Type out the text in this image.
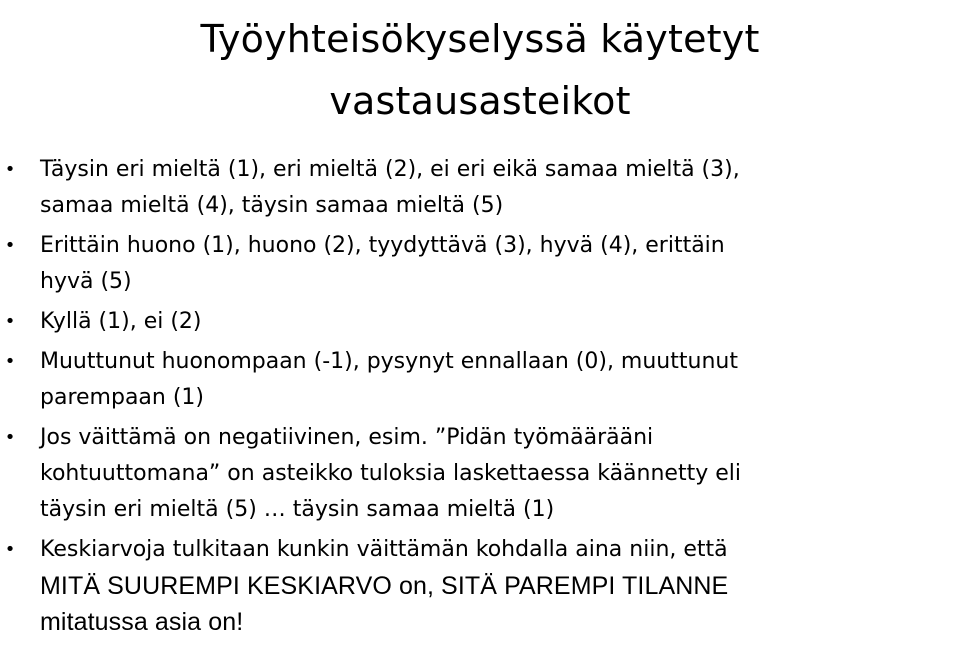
Työyhteisökyselyssä käytetyt
vastausasteikot
• Täysin eri mieltä (1), eri mieltä (2), ei eri eikä samaa mieltä (3),
samaa mieltä (4), täysin samaa mieltä (5)
• Erittäin huono (1), huono (2), tyydyttävä (3), hyvä (4), erittäin
hyvä (5)
• Kyllä (1), ei (2)
• Muuttunut huonompaan (-1), pysynyt ennallaan (0), muuttunut
parempaan (1)
• Jos väittämä on negatiivinen, esim. ”Pidän työmäärääni
kohtuuttomana” on asteikko tuloksia laskettaessa käännetty eli
täysin eri mieltä (5) … täysin samaa mieltä (1)
• Keskiarvoja tulkitaan kunkin väittämän kohdalla aina niin, että
MITÄ SUUREMPI KESKIARVO on, SITÄ PAREMPI TILANNE
mitatussa asia on!
